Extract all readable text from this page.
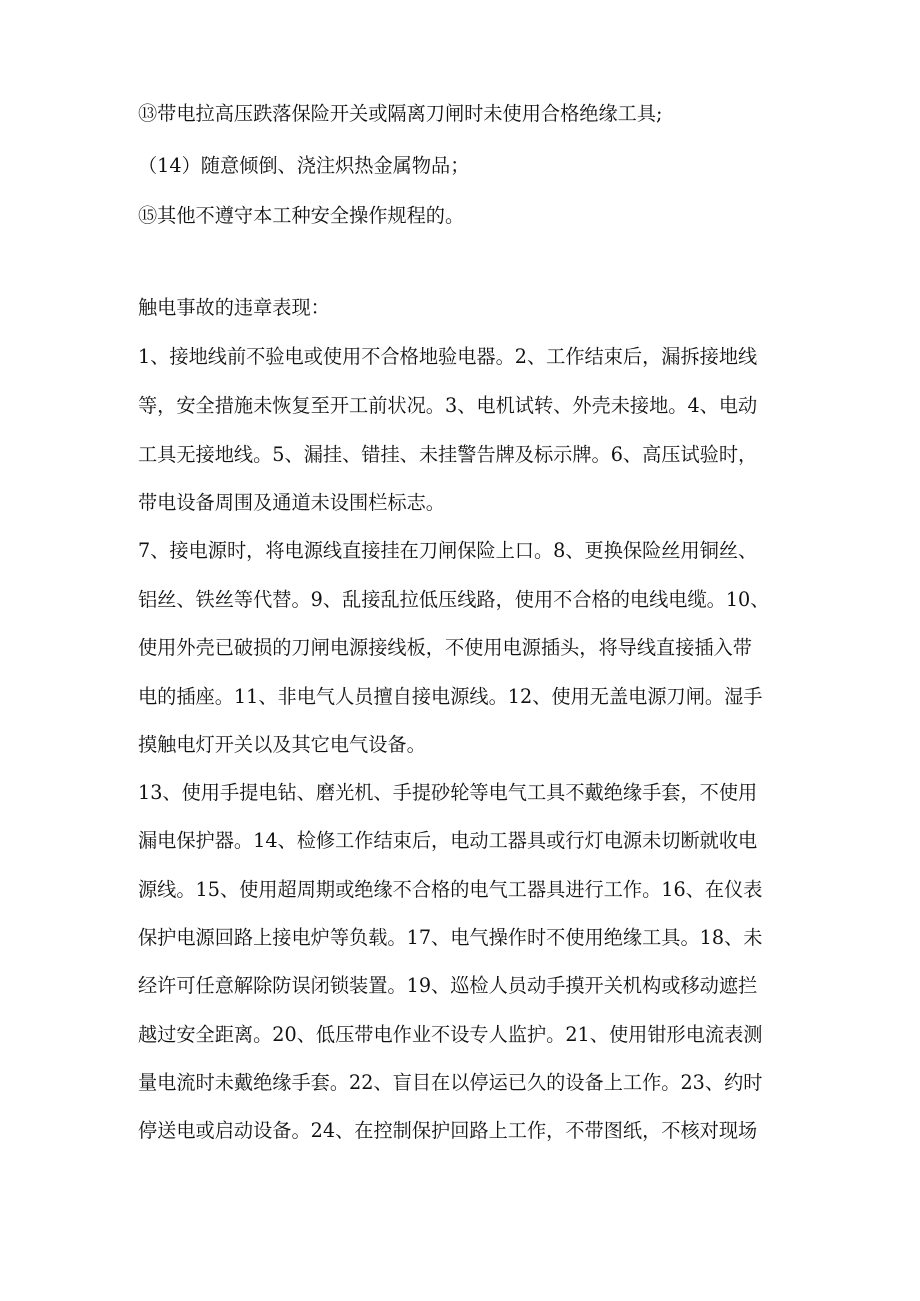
⑬带电拉高压跌落保险开关或隔离刀闸时未使用合格绝缘工具;
（14）随意倾倒、浇注炽热金属物品；
⑮其他不遵守本工种安全操作规程的。
触电事故的违章表现：
1、接地线前不验电或使用不合格地验电器。2、工作结束后，漏拆接地线
等，安全措施未恢复至开工前状况。3、电机试转、外壳未接地。4、电动
工具无接地线。5、漏挂、错挂、未挂警告牌及标示牌。6、高压试验时，
带电设备周围及通道未设围栏标志。
7、接电源时，将电源线直接挂在刀闸保险上口。8、更换保险丝用铜丝、
铝丝、铁丝等代替。9、乱接乱拉低压线路，使用不合格的电线电缆。10、
使用外壳已破损的刀闸电源接线板，不使用电源插头，将导线直接插入带
电的插座。11、非电气人员擅自接电源线。12、使用无盖电源刀闸。湿手
摸触电灯开关以及其它电气设备。
13、使用手提电钻、磨光机、手提砂轮等电气工具不戴绝缘手套，不使用
漏电保护器。14、检修工作结束后，电动工器具或行灯电源未切断就收电
源线。15、使用超周期或绝缘不合格的电气工器具进行工作。16、在仪表
保护电源回路上接电炉等负载。17、电气操作时不使用绝缘工具。18、未
经许可任意解除防误闭锁装置。19、巡检人员动手摸开关机构或移动遮拦
越过安全距离。20、低压带电作业不设专人监护。21、使用钳形电流表测
量电流时未戴绝缘手套。22、盲目在以停运已久的设备上工作。23、约时
停送电或启动设备。24、在控制保护回路上工作，不带图纸，不核对现场
